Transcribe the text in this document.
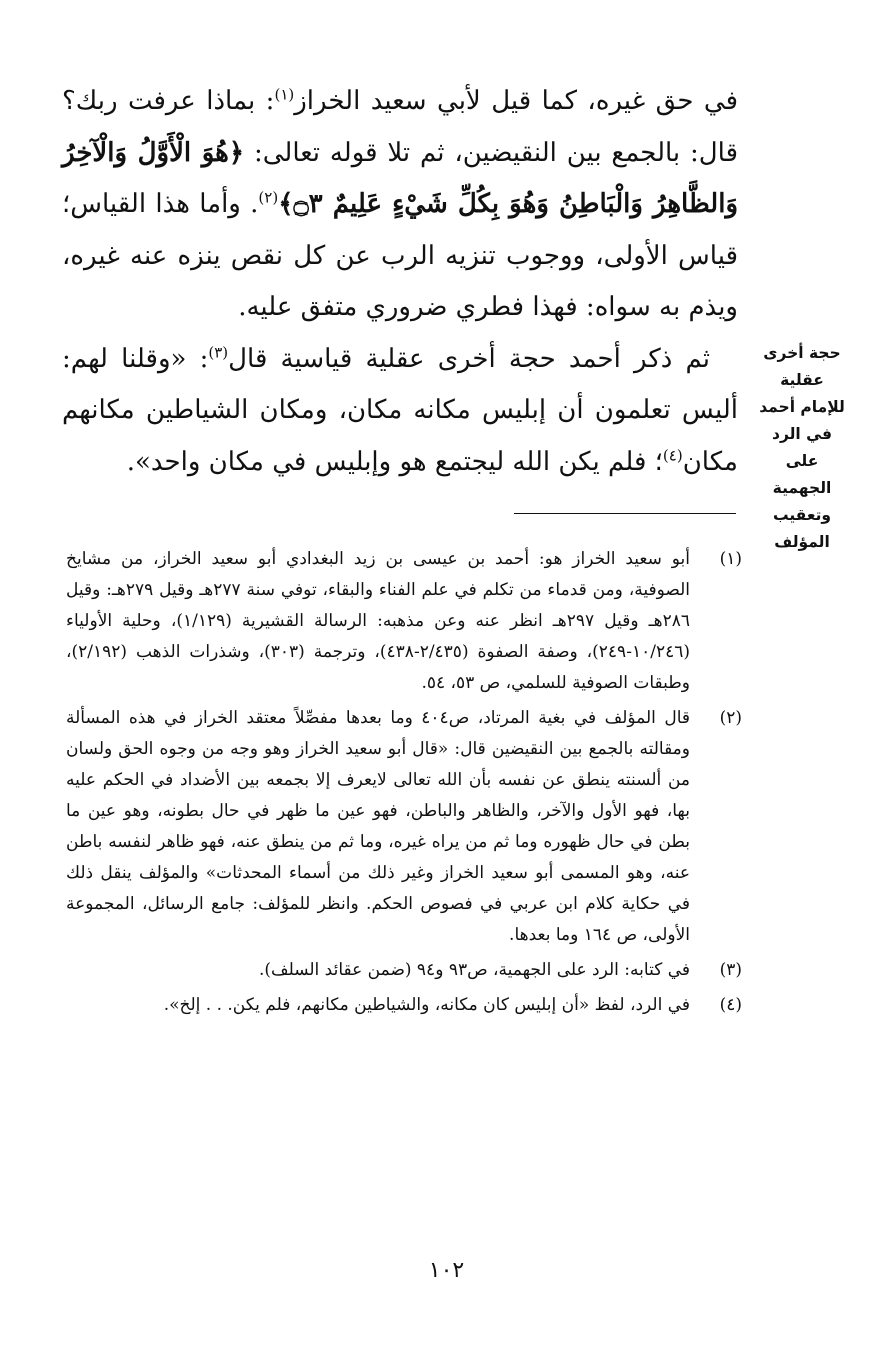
في حق غيره، كما قيل لأبي سعيد الخراز$^{(١)}$: بماذا عرفت ربك؟ قال: بالجمع بين النقيضين، ثم تلا قوله تعالى: ﴿هُوَ الْأَوَّلُ وَالْآخِرُ وَالظَّاهِرُ وَالْبَاطِنُ وَهُوَ بِكُلِّ شَيْءٍ عَلِيمٌ ۝٣﴾$^{(٢)}$. وأما هذا القياس؛ قياس الأولى، ووجوب تنزيه الرب عن كل نقص ينزه عنه غيره، ويذم به سواه: فهذا فطري ضروري متفق عليه.

ثم ذكر أحمد حجة أخرى عقلية قياسية قال$^{(٣)}$: «وقلنا لهم: أليس تعلمون أن إبليس مكانه مكان، ومكان الشياطين مكانهم مكان$^{(٤)}$؛ فلم يكن الله ليجتمع هو وإبليس في مكان واحد».

حجة أخرى عقلية للإمام أحمد في الرد على الجهمية وتعقيب المؤلف
(١)
أبو سعيد الخراز هو: أحمد بن عيسى بن زيد البغدادي أبو سعيد الخراز، من مشايخ الصوفية، ومن قدماء من تكلم في علم الفناء والبقاء، توفي سنة ٢٧٧هـ وقيل ٢٧٩هـ: وقيل ٢٨٦هـ وقيل ٢٩٧هـ انظر عنه وعن مذهبه: الرسالة القشيرية (١/١٢٩)، وحلية الأولياء (١٠/٢٤٦-٢٤٩)، وصفة الصفوة (٢/٤٣٥-٤٣٨)، وترجمة (٣٠٣)، وشذرات الذهب (٢/١٩٢)، وطبقات الصوفية للسلمي، ص ٥٣، ٥٤.
(٢)
قال المؤلف في بغية المرتاد، ص٤٠٤ وما بعدها مفصِّلاً معتقد الخراز في هذه المسألة ومقالته بالجمع بين النقيضين قال: «قال أبو سعيد الخراز وهو وجه من وجوه الحق ولسان من ألسنته ينطق عن نفسه بأن الله تعالى لايعرف إلا بجمعه بين الأضداد في الحكم عليه بها، فهو الأول والآخر، والظاهر والباطن، فهو عين ما ظهر في حال بطونه، وهو عين ما بطن في حال ظهوره وما ثم من يراه غيره، وما ثم من ينطق عنه، فهو ظاهر لنفسه باطن عنه، وهو المسمى أبو سعيد الخراز وغير ذلك من أسماء المحدثات» والمؤلف ينقل ذلك في حكاية كلام ابن عربي في فصوص الحكم. وانظر للمؤلف: جامع الرسائل، المجموعة الأولى، ص ١٦٤ وما بعدها.
(٣)
في كتابه: الرد على الجهمية، ص٩٣ و٩٤ (ضمن عقائد السلف).
(٤)
في الرد، لفظ «أن إبليس كان مكانه، والشياطين مكانهم، فلم يكن. . . إلخ».
١٠٢
